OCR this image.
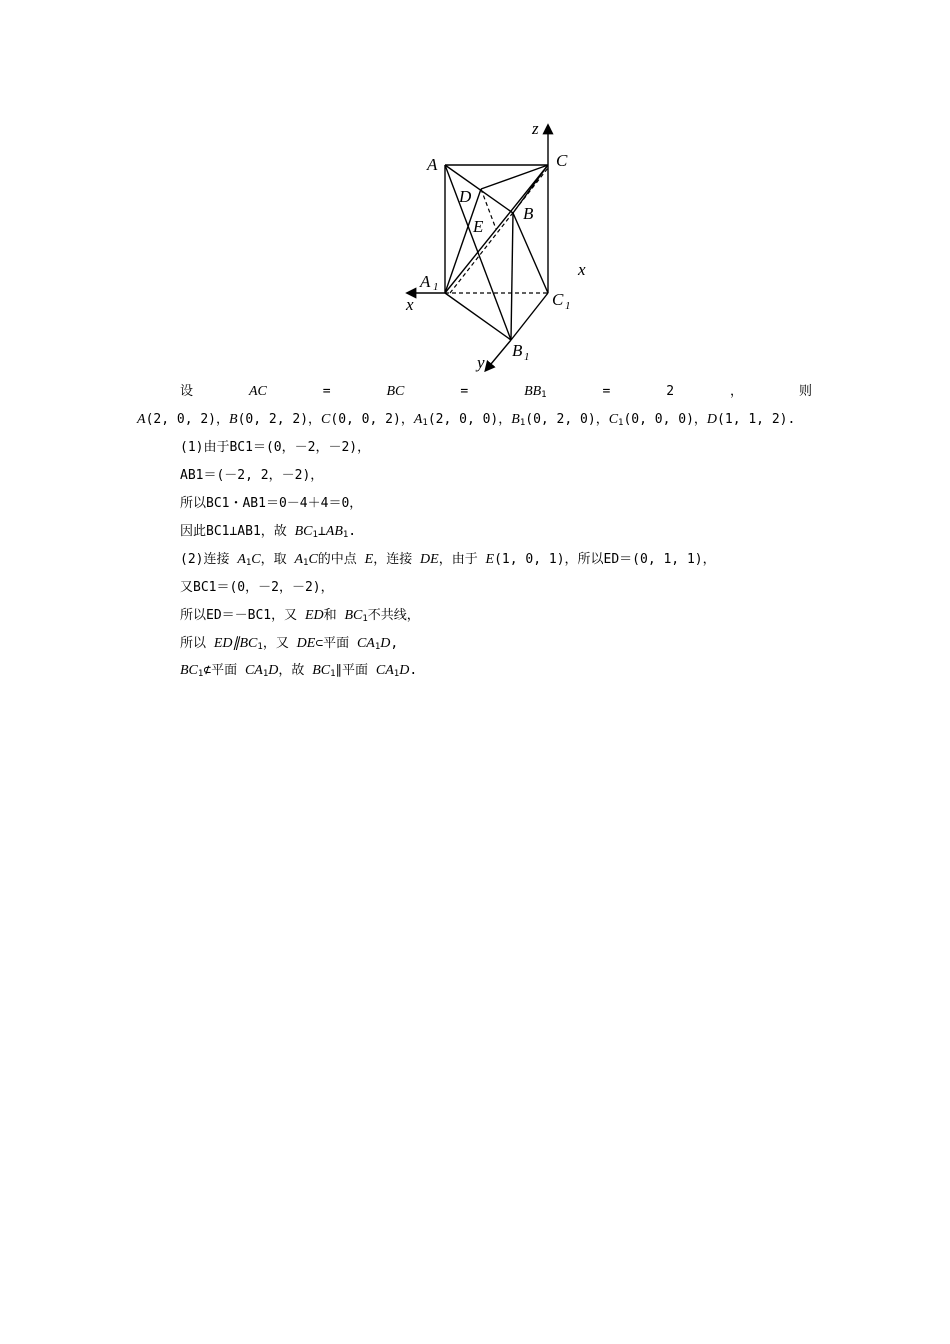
z
C
A
D
B
E
x
A 1
x	C 1
y
B 1
设	AC	=	BC	=	BB1	=	2	，	则
A(2, 0, 2)，B(0, 2, 2)，C(0, 0, 2)，A1(2, 0, 0)，B1(0, 2, 0)，C1(0, 0, 0)，D(1, 1, 2).
(1)由于BC1＝(0，－2，－2)，
AB1＝(－2, 2，－2)，
所以BC1・AB1＝0－4＋4＝0，
因此BC1⊥AB1，故 BC1⊥AB1.
(2)连接 A1C，取 A1C的中点 E，连接 DE，由于 E(1, 0, 1)，所以ED＝(0, 1, 1)，
又BC1＝(0，－2，－2)，
所以ED＝－BC1，又 ED和 BC1不共线，
所以 ED∥BC1，又 DE⊂平面 CA1D,
BC1⊄平面 CA1D，故 BC1∥平面 CA1D.
